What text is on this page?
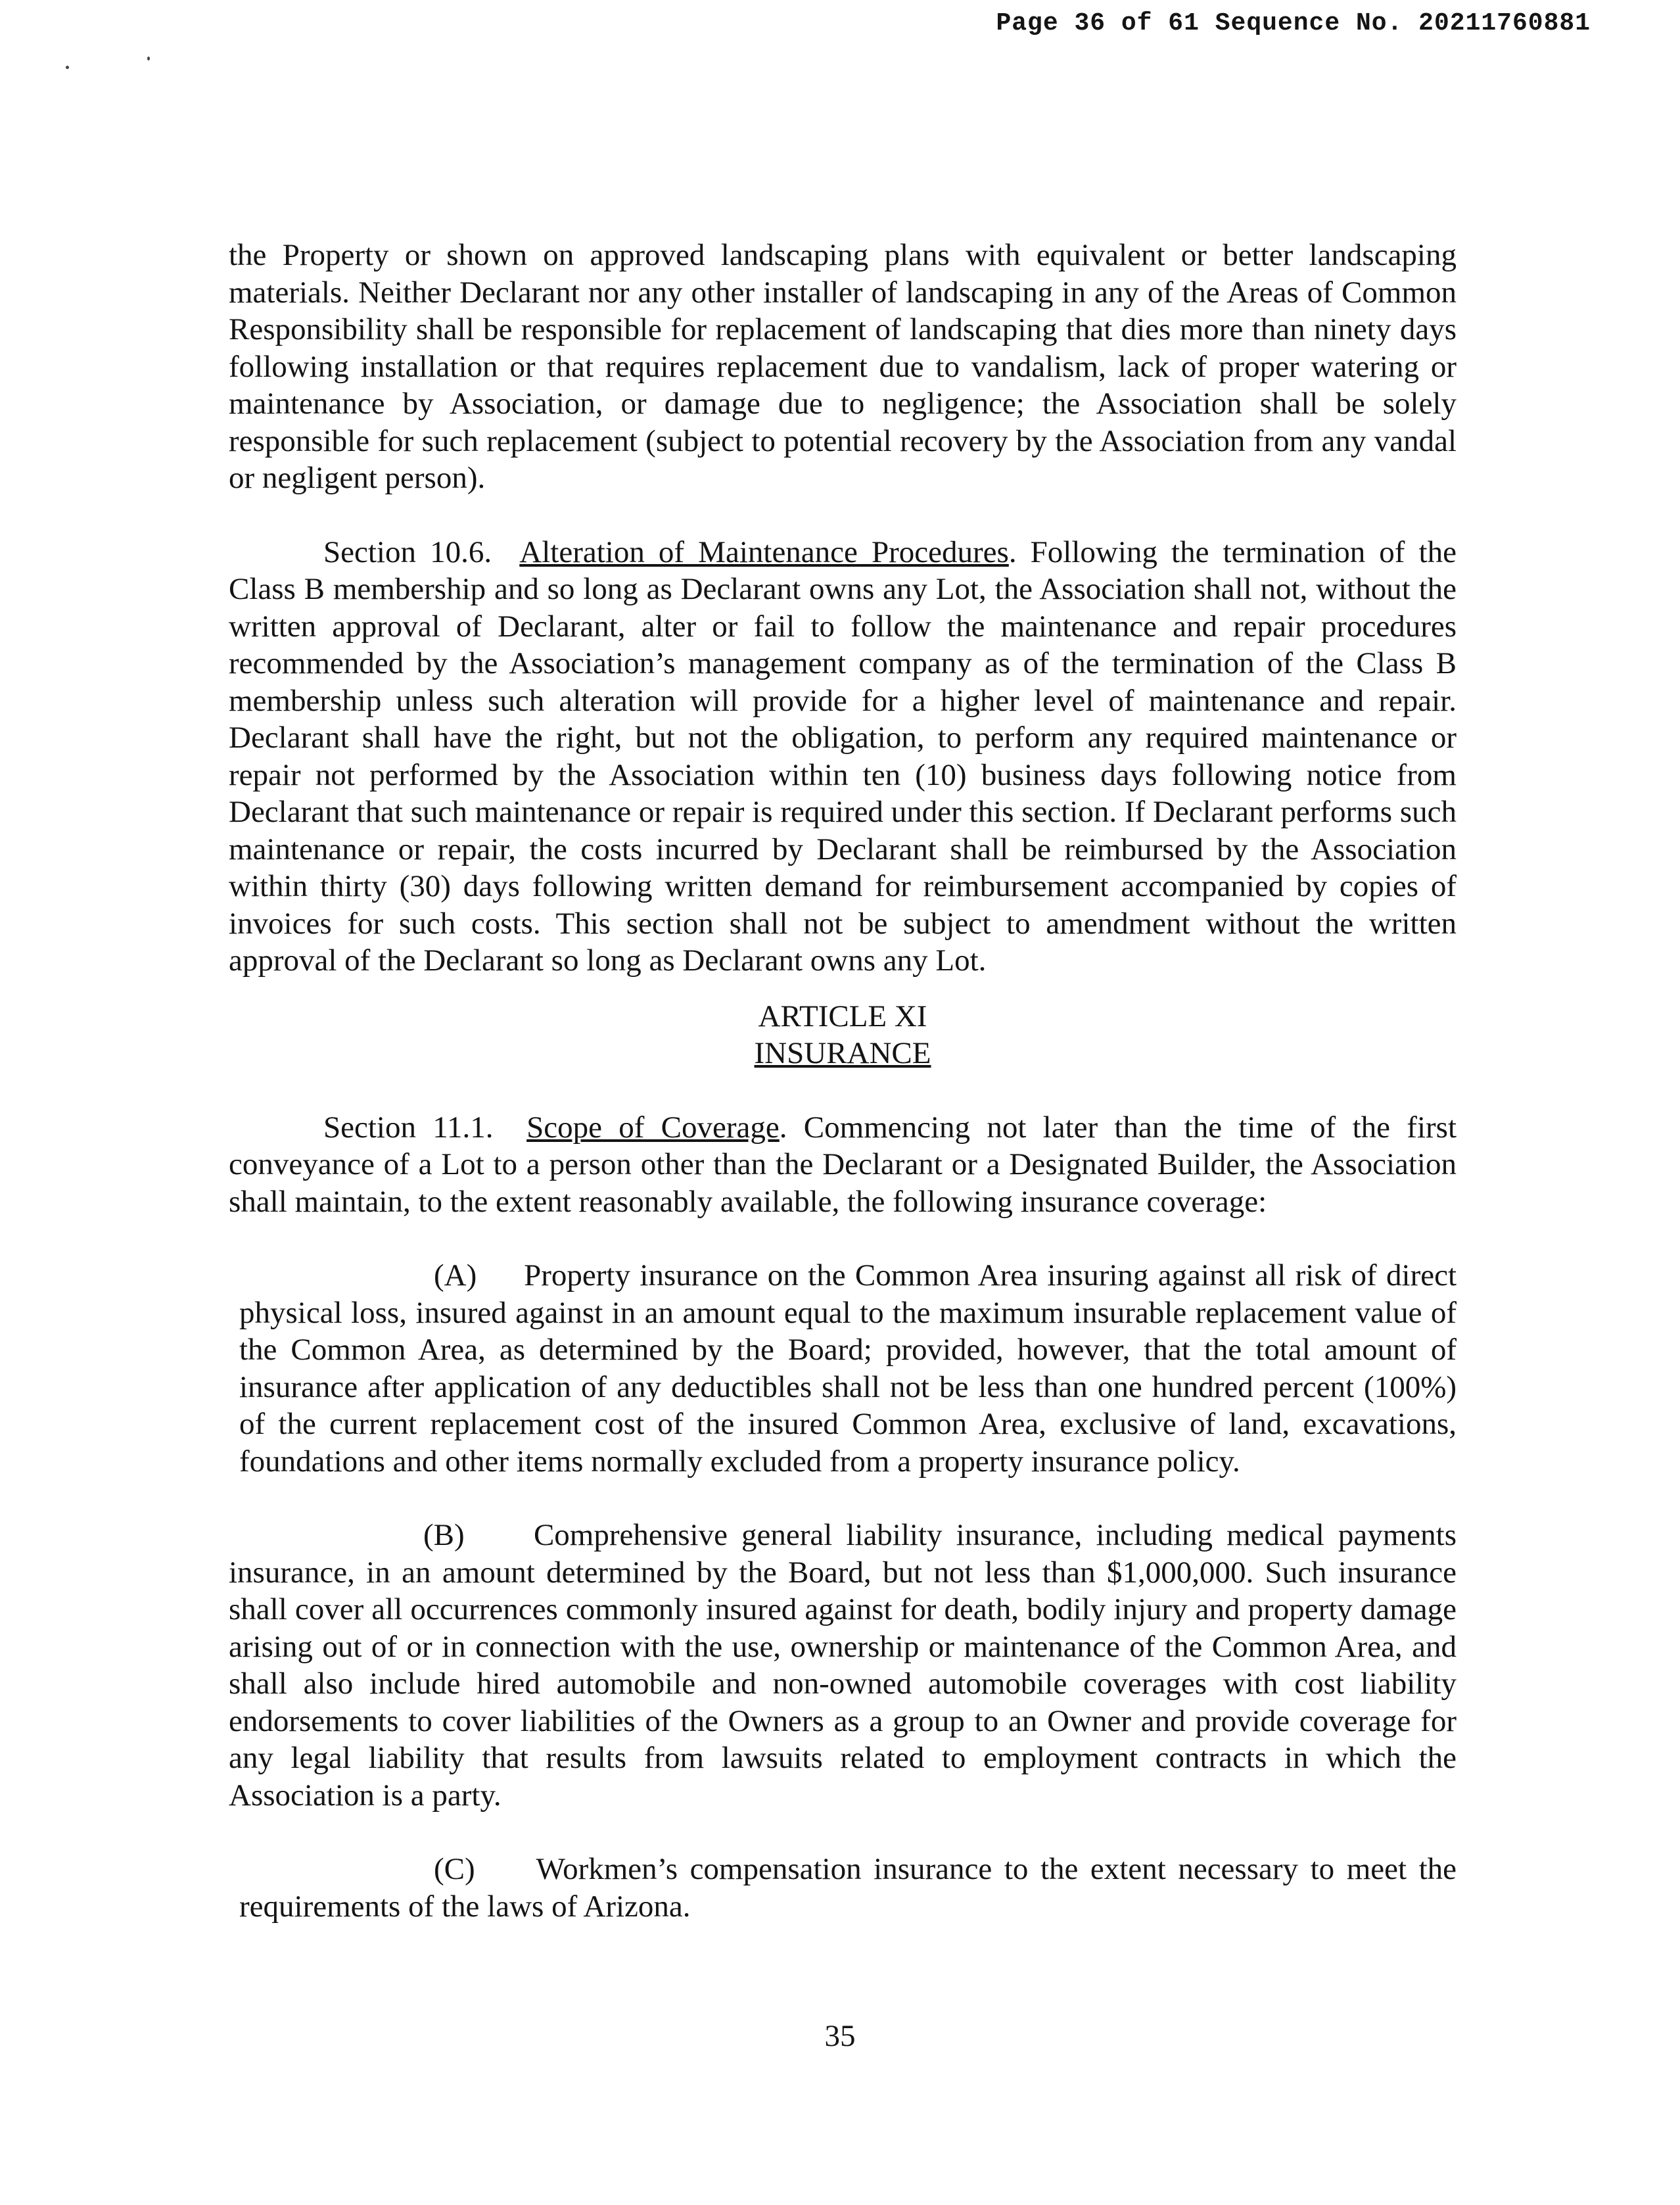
Page 36 of 61 Sequence No. 20211760881

the Property or shown on approved landscaping plans with equivalent or better landscaping materials. Neither Declarant nor any other installer of landscaping in any of the Areas of Common Responsibility shall be responsible for replacement of landscaping that dies more than ninety days following installation or that requires replacement due to vandalism, lack of proper watering or maintenance by Association, or damage due to negligence; the Association shall be solely responsible for such replacement (subject to potential recovery by the Association from any vandal or negligent person).

Section 10.6. Alteration of Maintenance Procedures. Following the termination of the Class B membership and so long as Declarant owns any Lot, the Association shall not, without the written approval of Declarant, alter or fail to follow the maintenance and repair procedures recommended by the Association’s management company as of the termination of the Class B membership unless such alteration will provide for a higher level of maintenance and repair. Declarant shall have the right, but not the obligation, to perform any required maintenance or repair not performed by the Association within ten (10) business days following notice from Declarant that such maintenance or repair is required under this section. If Declarant performs such maintenance or repair, the costs incurred by Declarant shall be reimbursed by the Association within thirty (30) days following written demand for reimbursement accompanied by copies of invoices for such costs. This section shall not be subject to amendment without the written approval of the Declarant so long as Declarant owns any Lot.

ARTICLE XI
INSURANCE

Section 11.1. Scope of Coverage. Commencing not later than the time of the first conveyance of a Lot to a person other than the Declarant or a Designated Builder, the Association shall maintain, to the extent reasonably available, the following insurance coverage:

(A) Property insurance on the Common Area insuring against all risk of direct physical loss, insured against in an amount equal to the maximum insurable replacement value of the Common Area, as determined by the Board; provided, however, that the total amount of insurance after application of any deductibles shall not be less than one hundred percent (100%) of the current replacement cost of the insured Common Area, exclusive of land, excavations, foundations and other items normally excluded from a property insurance policy.

(B) Comprehensive general liability insurance, including medical payments insurance, in an amount determined by the Board, but not less than $1,000,000. Such insurance shall cover all occurrences commonly insured against for death, bodily injury and property damage arising out of or in connection with the use, ownership or maintenance of the Common Area, and shall also include hired automobile and non-owned automobile coverages with cost liability endorsements to cover liabilities of the Owners as a group to an Owner and provide coverage for any legal liability that results from lawsuits related to employment contracts in which the Association is a party.

(C) Workmen’s compensation insurance to the extent necessary to meet the requirements of the laws of Arizona.

35
